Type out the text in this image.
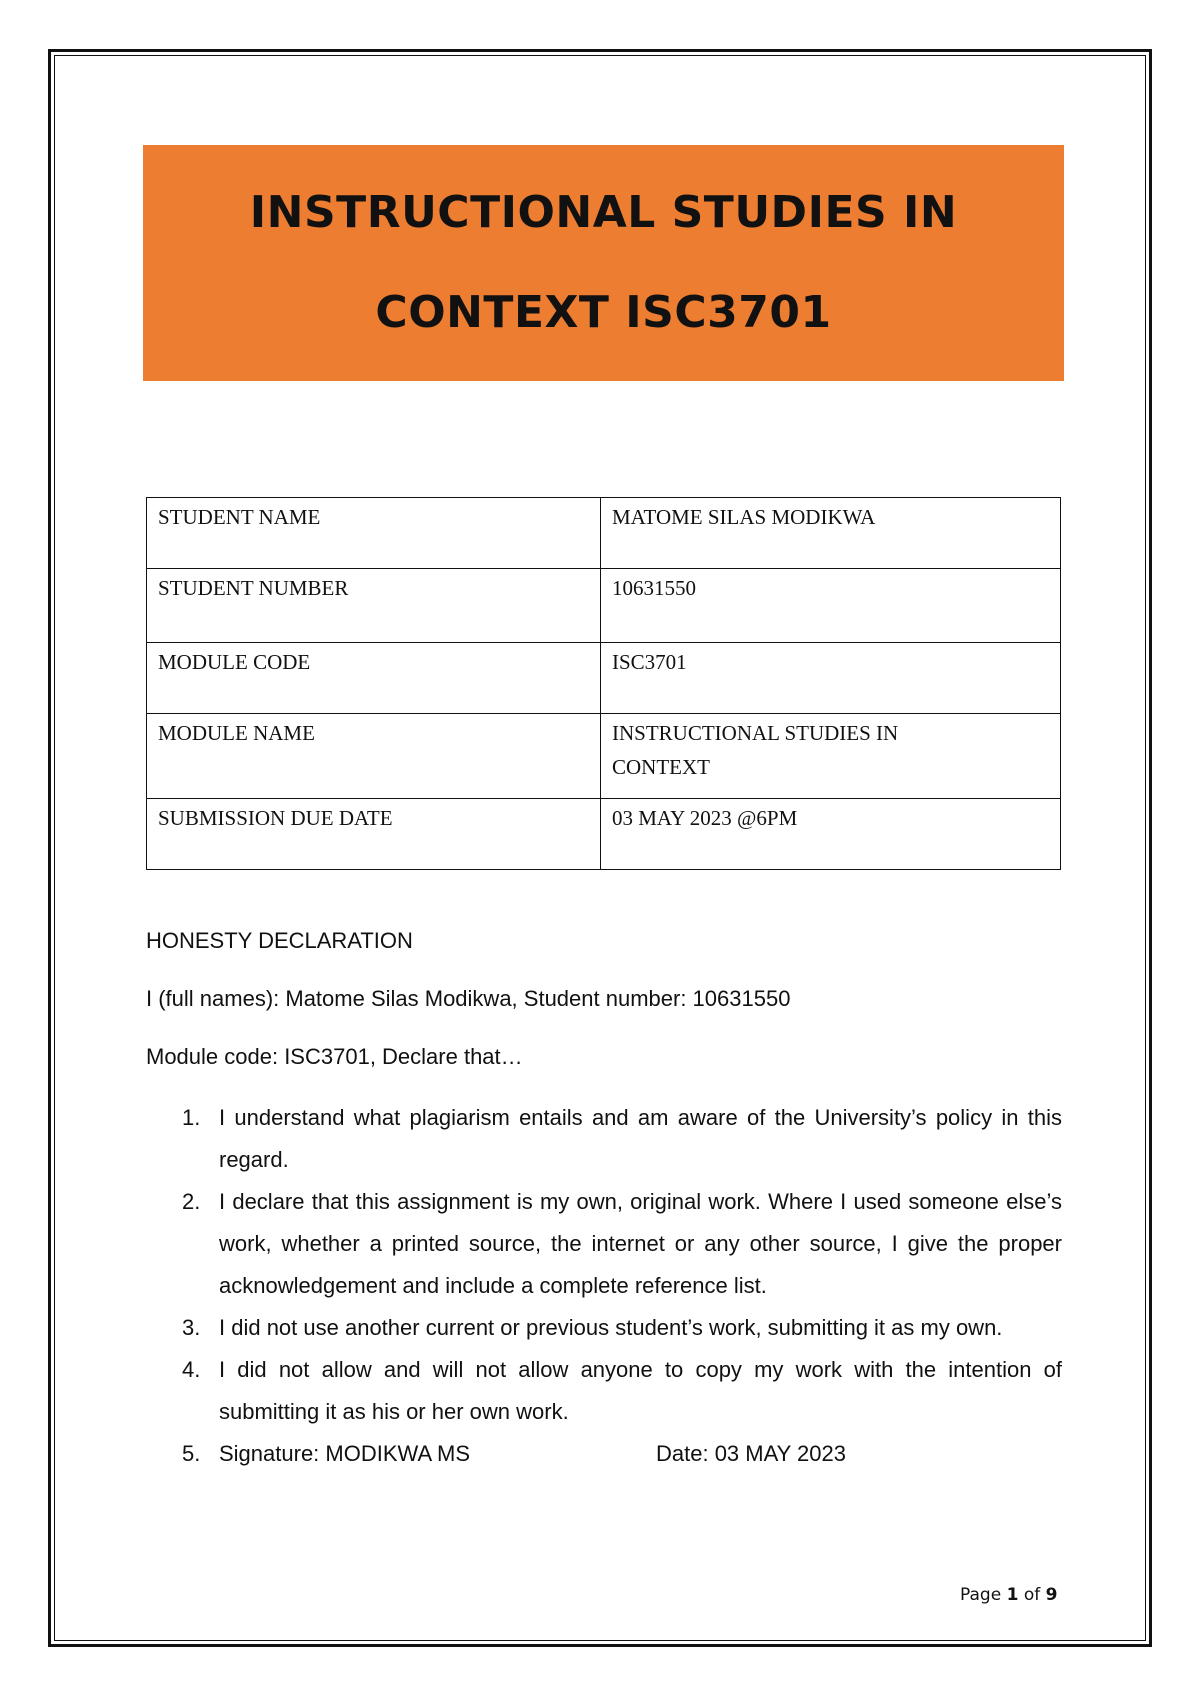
INSTRUCTIONAL STUDIES IN
CONTEXT ISC3701
STUDENT NAME	MATOME SILAS MODIKWA

STUDENT NUMBER	10631550

MODULE CODE	ISC3701

MODULE NAME	INSTRUCTIONAL STUDIES IN
CONTEXT

SUBMISSION DUE DATE	03 MAY 2023 @6PM
HONESTY DECLARATION
I (full names): Matome Silas Modikwa, Student number: 10631550
Module code: ISC3701, Declare that…
1. I understand what plagiarism entails and am aware of the University’s policy in this regard.
2. I declare that this assignment is my own, original work. Where I used someone else’s work, whether a printed source, the internet or any other source, I give the proper acknowledgement and include a complete reference list.
3. I did not use another current or previous student’s work, submitting it as my own.
4. I did not allow and will not allow anyone to copy my work with the intention of submitting it as his or her own work.
5. Signature: MODIKWA MS	Date: 03 MAY 2023
Page 1 of 9
